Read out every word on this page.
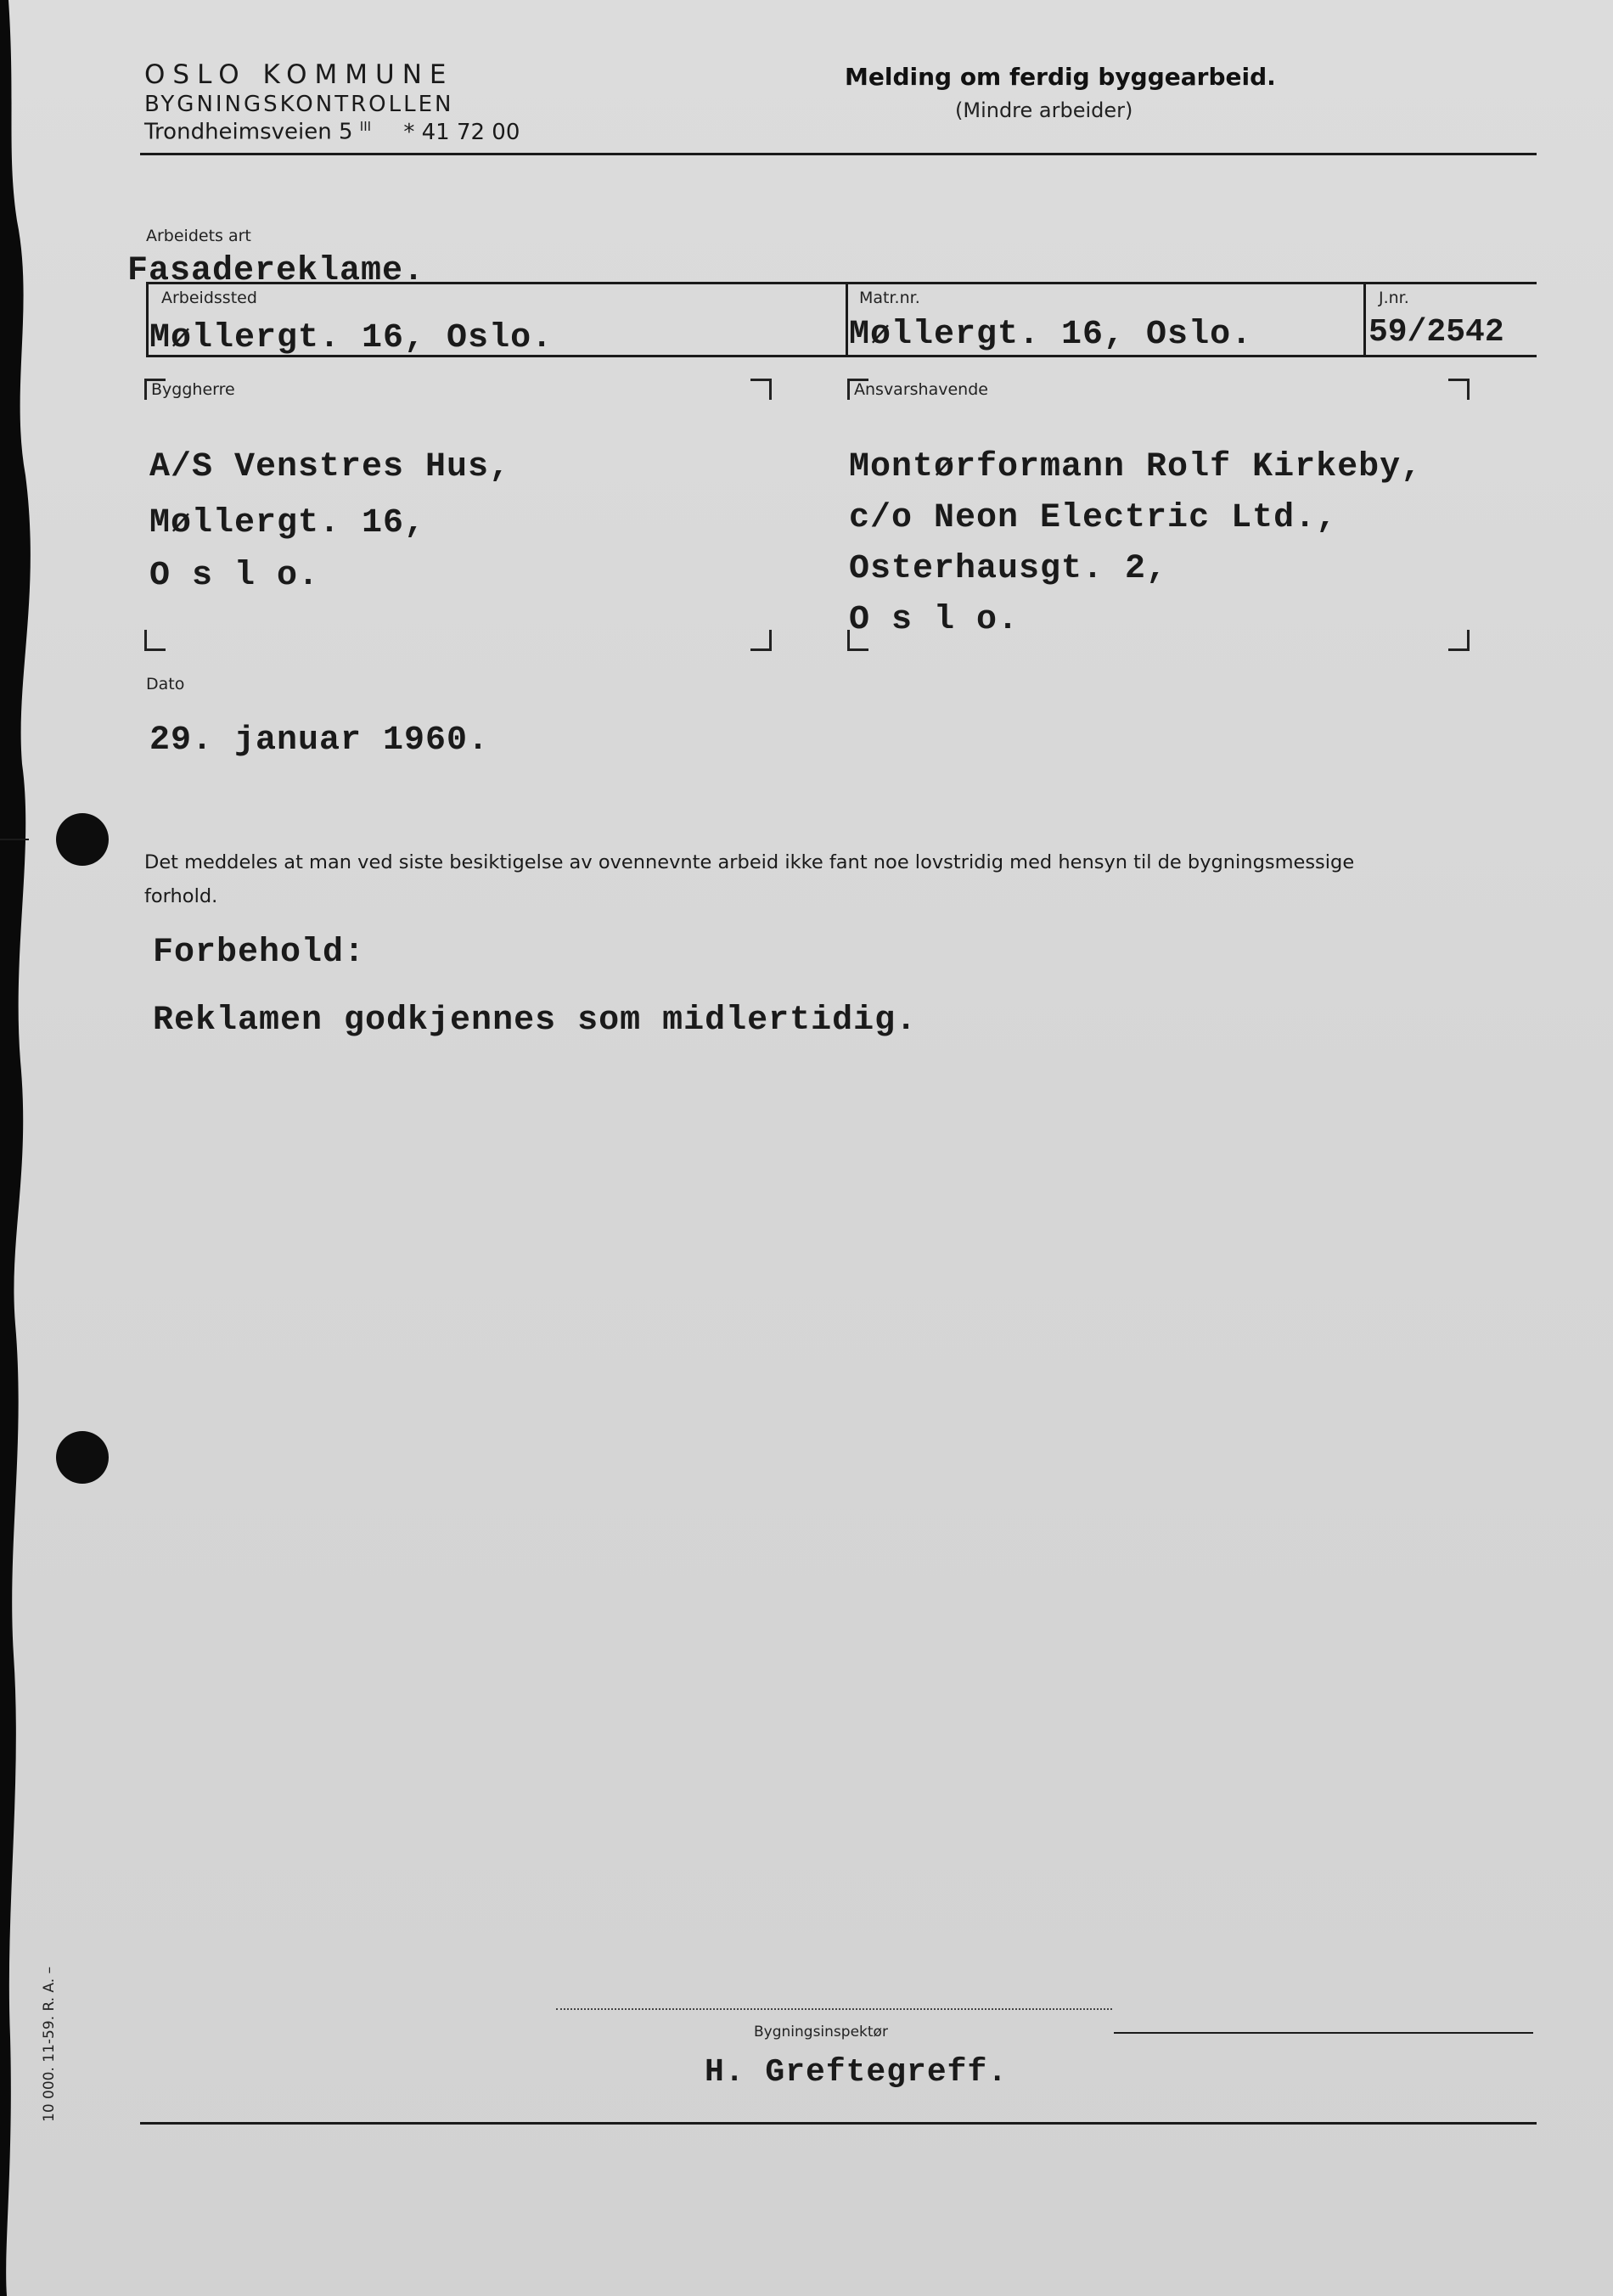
OSLO KOMMUNE
BYGNINGSKONTROLLEN
Trondheimsveien 5 $^{III}$ * 41 72 00
Melding om ferdig byggearbeid.
(Mindre arbeider)
Arbeidets art
Fasadereklame.
Arbeidssted
Møllergt. 16, Oslo.
Matr.nr.
Møllergt. 16, Oslo.
J.nr.
59/2542
Byggherre
A/S Venstres Hus,
Møllergt. 16,
O s l o.
Ansvarshavende
Montørformann Rolf Kirkeby,
c/o Neon Electric Ltd.,
Osterhausgt. 2,
O s l o.
Dato
29. januar 1960.
Det meddeles at man ved siste besiktigelse av ovennevnte arbeid ikke fant noe lovstridig med hensyn til de bygningsmessige
forhold.
Forbehold:
Reklamen godkjennes som midlertidig.
Bygningsinspektør
H. Greftegreff.
10 000. 11-59. R. A. –
